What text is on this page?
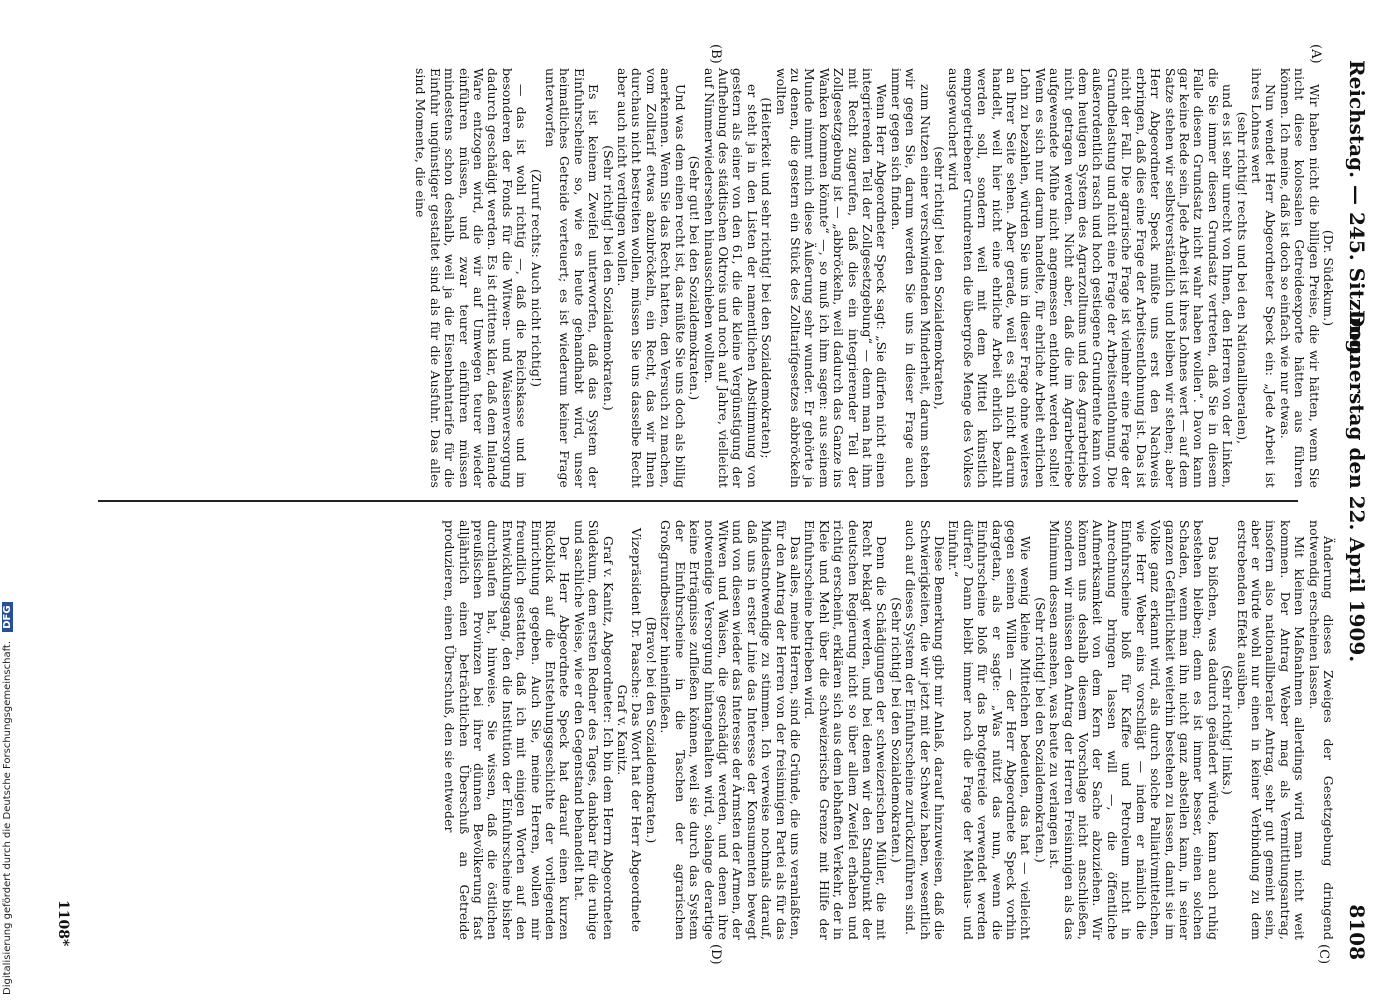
Reichstag. — 245. Sitzung.
Donnerstag den 22. April 1909.
8108
(A)
(B)
(C)
(D)

(Dr. Südekum.)

Wir haben nicht die billigen Preise, die wir hätten, wenn Sie nicht diese kolossalen Getreideexporte hätten aus führen können. Ich meine, daß ist doch so einfach wie nur etwas.

Nun wendet Herr Abgeordneter Speck ein: „Jede Arbeit ist ihres Lohnes wert

(sehr richtig! rechts und bei den Nationalliberalen),

und es ist sehr unrecht von Ihnen, den Herren von der Linken, die Sie immer diesen Grundsatz vertreten, daß Sie in diesem Falle diesen Grundsatz nicht wahr haben wollen“. Davon kann gar keine Rede sein. Jede Arbeit ist ihres Lohnes wert — auf dem Satze stehen wir selbstverständlich und bleiben wir stehen; aber Herr Abgeordneter Speck müßte uns erst den Nachweis erbringen, daß dies eine Frage der Arbeitsentlohnung ist. Das ist nicht der Fall. Die agrarische Frage ist vielmehr eine Frage der Grundbelastung und nicht eine Frage der Arbeitsentlohnung. Die außerordentlich rasch und hoch gestiegene Grundrente kann von dem heutigen System des Agrarzolltums und des Agrarbetriebs nicht getragen werden. Nicht aber, daß die im Agrarbetriebe aufgewendete Mühe nicht angemessen entlohnt werden sollte! Wenn es sich nur darum handelte, für ehrliche Arbeit ehrlichen Lohn zu bezahlen, würden Sie uns in dieser Frage ohne weiteres an Ihrer Seite sehen. Aber gerade, weil es sich nicht darum handelt, weil hier nicht eine ehrliche Arbeit ehrlich bezahlt werden soll, sondern weil mit dem Mittel künstlich emporgetriebener Grundrenten die übergroße Menge des Volkes ausgewuchert wird

(sehr richtig! bei den Sozialdemokraten),

zum Nutzen einer verschwindenden Minderheit, darum stehen wir gegen Sie, darum werden Sie uns in dieser Frage auch immer gegen sich finden.

Wenn Herr Abgeordneter Speck sagt: „Sie dürfen nicht einen integrierenden Teil der Zollgesetzgebung“ — denn man hat ihm mit Recht zugerufen, daß dies ein integrierender Teil der Zollgesetzgebung ist — „abbröckeln, weil dadurch das Ganze ins Wanken kommen könnte“ —, so muß ich ihm sagen: aus seinem Munde nimmt mich diese Äußerung sehr wunder. Er gehörte ja zu denen, die gestern ein Stück des Zolltarifgesetzes abbröckeln wollten

(Heiterkeit und sehr richtig! bei den Sozialdemokraten);

er steht ja in den Listen der namentlichen Abstimmung von gestern als einer von den 61, die die kleine Vergünstigung der Aufhebung des städtischen Oktrois und noch auf Jahre, vielleicht auf Nimmerwiedersehen hinausschieben wollten.

(Sehr gut! bei den Sozialdemokraten.)

Und was dem einen recht ist, das müßte Sie uns doch als billig anerkennen. Wenn Sie das Recht hatten, den Versuch zu machen, vom Zolltarif etwas abzubröckeln, ein Recht, das wir Ihnen durchaus nicht bestreiten wollen, müssen Sie uns dasselbe Recht aber auch nicht verdingen wollen.

(Sehr richtig! bei den Sozialdemokraten.)

Es ist keinem Zweifel unterworfen, daß das System der Einfuhrscheine so, wie es heute gehandhabt wird, unser heimatliches Getreide verteuert; es ist wiederum keiner Frage unterworfen

(Zuruf rechts: Auch nicht richtig!)

— das ist wohl richtig —, daß die Reichskasse und im besonderen der Fonds für die Witwen- und Waisenversorgung dadurch geschädigt werden. Es ist drittens klar, daß dem Inlande Ware entzogen wird, die wir auf Umwegen teurer wieder einführen müssen, und zwar teurer einführen müssen mindestens schon deshalb, weil ja die Eisenbahntarife für die Einfuhr ungünstiger gestaltet sind als für die Ausfuhr. Das alles sind Momente, die eine

Änderung dieses Zweiges der Gesetzgebung dringend notwendig erscheinen lassen.

Mit kleinen Maßnahmen allerdings wird man nicht weit kommen. Der Antrag Weber mag als Vermittlungsantrag, insofern also nationalliberaler Antrag, sehr gut gemeint sein, aber er würde wohl nur einen in keiner Verbindung zu dem erstrebenden Effekt ausüben.

(Sehr richtig! links.)

Das bißchen, was dadurch geändert würde, kann auch ruhig bestehen bleiben; denn es ist immer besser, einen solchen Schaden, wenn man ihn nicht ganz abstellen kann, in seiner ganzen Gefährlichkeit weiterhin bestehen zu lassen, damit sie im Volke ganz erkannt wird, als durch solche Palliativmittelchen, wie Herr Weber eins vorschlägt — indem er nämlich die Einfuhrscheine bloß für Kaffee und Petroleum nicht in Anrechnung bringen lassen will —, die öffentliche Aufmerksamkeit von dem Kern der Sache abzuziehen. Wir können uns deshalb diesem Vorschlage nicht anschließen, sondern wir müssen den Antrag der Herren Freisinnigen als das Minimum dessen ansehen, was heute zu verlangen ist.

(Sehr richtig! bei den Sozialdemokraten.)

Wie wenig kleine Mittelchen bedeuten, das hat — vielleicht gegen seinen Willen — der Herr Abgeordnete Speck vorhin dargetan, als er sagte: „Was nützt das nun, wenn die Einfuhrscheine bloß für das Brotgetreide verwendet werden dürfen? Dann bleibt immer noch die Frage der Mehlaus- und Einfuhr.“

Diese Bemerkung gibt mir Anlaß, darauf hinzuweisen, daß die Schwierigkeiten, die wir jetzt mit der Schweiz haben, wesentlich auch auf dieses System der Einfuhrscheine zurückzuführen sind.

(Sehr richtig! bei den Sozialdemokraten.)

Denn die Schädigungen der schweizerischen Müller, die mit Recht beklagt werden, und bei denen wir den Standpunkt der deutschen Regierung nicht so über allem Zweifel erhaben und richtig erscheint, erklären sich aus dem lebhaften Verkehr, der in Kleie und Mehl über die schweizerische Grenze mit Hilfe der Einfuhrscheine betrieben wird.

Das alles, meine Herren, sind die Gründe, die uns veranlaßten, für den Antrag der Herren von der freisinnigen Partei als für das Mindestnotwendige zu stimmen. Ich verweise nochmals darauf, daß uns in erster Linie das Interesse der Konsumenten bewegt und von diesen wieder das Interesse der Ärmsten der Armen, der Witwen und Waisen, die geschädigt werden, und denen ihre notwendige Versorgung hintangehalten wird, solange derartige keine Erträgnisse zufließen können, weil sie durch das System der Einfuhrscheine in die Taschen der agrarischen Großgrundbesitzer hineinfließen.

(Bravo! bei den Sozialdemokraten.)

Vizepräsident Dr. Paasche: Das Wort hat der Herr Abgeordnete Graf v. Kanitz.

Graf v. Kanitz, Abgeordneter: Ich bin dem Herrn Abgeordneten Südekum, dem ersten Redner des Tages, dankbar für die ruhige und sachliche Weise, wie er den Gegenstand behandelt hat.

Der Herr Abgeordnete Speck hat darauf einen kurzen Rückblick auf die Entstehungsgeschichte der vorliegenden Einrichtung gegeben. Auch Sie, meine Herren, wollen mir freundlich gestatten, daß ich mit einigen Worten auf den Entwicklungsgang, den die Institution der Einfuhrscheine bisher durchlaufen hat, hinweise. Sie wissen, daß die östlichen preußischen Provinzen bei ihrer dünnen Bevölkerung fast alljährlich einen beträchtlichen Überschuß an Getreide produzieren, einen Überschuß, den sie entweder

1108*
Digitalisierung gefördert durch die Deutsche Forschungsgemeinschaft. DFG
